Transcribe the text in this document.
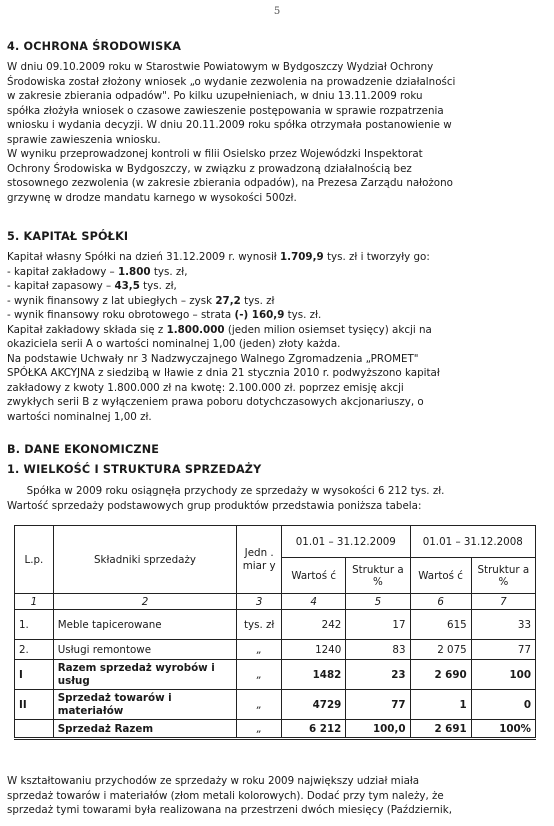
5
4. OCHRONA ŚRODOWISKA
W dniu 09.10.2009 roku w Starostwie Powiatowym w Bydgoszczy Wydział Ochrony
Środowiska został złożony wniosek „o wydanie zezwolenia na prowadzenie działalności
w zakresie zbierania odpadów". Po kilku uzupełnieniach, w dniu 13.11.2009 roku
spółka złożyła wniosek o czasowe zawieszenie postępowania w sprawie rozpatrzenia
wniosku i wydania decyzji. W dniu 20.11.2009 roku spółka otrzymała postanowienie w
sprawie zawieszenia wniosku.
W wyniku przeprowadzonej kontroli w filii Osielsko przez Wojewódzki Inspektorat
Ochrony Środowiska w Bydgoszczy, w związku z prowadzoną działalnością bez
stosownego zezwolenia (w zakresie zbierania odpadów), na Prezesa Zarządu nałożono
grzywnę w drodze mandatu karnego w wysokości 500zł.
5. KAPITAŁ SPÓŁKI
Kapitał własny Spółki na dzień 31.12.2009 r. wynosił 1.709,9 tys. zł i tworzyły go:
- kapitał zakładowy – 1.800 tys. zł,
- kapitał zapasowy – 43,5 tys. zł,
- wynik finansowy z lat ubiegłych – zysk 27,2 tys. zł
- wynik finansowy roku obrotowego – strata (-) 160,9 tys. zł.
Kapitał zakładowy składa się z 1.800.000 (jeden milion osiemset tysięcy) akcji na
okaziciela serii A o wartości nominalnej 1,00 (jeden) złoty każda.
Na podstawie Uchwały nr 3 Nadzwyczajnego Walnego Zgromadzenia „PROMET"
SPÓŁKA AKCYJNA z siedzibą w Iławie z dnia 21 stycznia 2010 r. podwyższono kapitał
zakładowy z kwoty 1.800.000 zł na kwotę: 2.100.000 zł. poprzez emisję akcji
zwykłych serii B z wyłączeniem prawa poboru dotychczasowych akcjonariuszy, o
wartości nominalnej 1,00 zł.
B. DANE EKONOMICZNE
1. WIELKOŚĆ I STRUKTURA SPRZEDAŻY
Spółka w 2009 roku osiągnęła przychody ze sprzedaży w wysokości 6 212 tys. zł.
Wartość sprzedaży podstawowych grup produktów przedstawia poniższa tabela:
L.p.	Składniki sprzedaży	Jedn . miar y	01.01 – 31.12.2009		01.01 – 31.12.2008	
			Wartoś ć	Struktur a %	Wartoś ć	Struktur a %
1	2	3	4	5	6	7
1.	Meble tapicerowane	tys. zł	242	17	615	33
2.	Usługi remontowe	„	1240	83	2 075	77
I	Razem sprzedaż wyrobów i usług	„	1482	23	2 690	100
II	Sprzedaż towarów i materiałów	„	4729	77	1	0
	Sprzedaż Razem	„	6 212	100,0	2 691	100%
W kształtowaniu przychodów ze sprzedaży w roku 2009 największy udział miała
sprzedaż towarów i materiałów (złom metali kolorowych). Dodać przy tym należy, że
sprzedaż tymi towarami była realizowana na przestrzeni dwóch miesięcy (Październik,
